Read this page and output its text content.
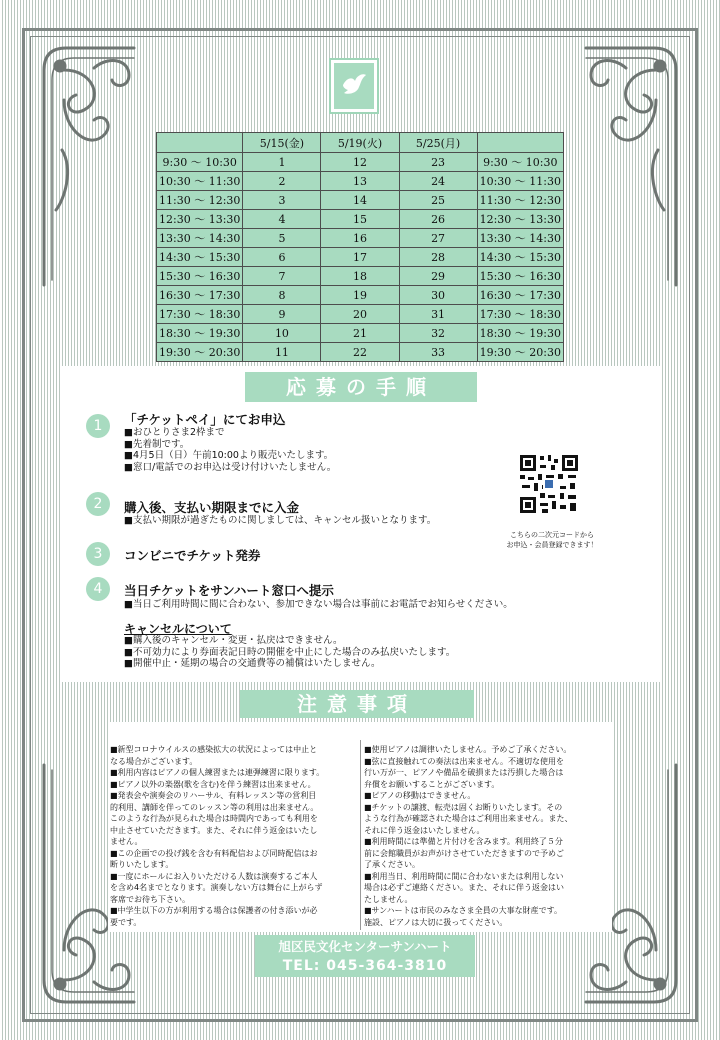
	5/15(金)	5/19(火)	5/25(月)	
9:30 〜 10:30	1	12	23	9:30 〜 10:30
10:30 〜 11:30	2	13	24	10:30 〜 11:30
11:30 〜 12:30	3	14	25	11:30 〜 12:30
12:30 〜 13:30	4	15	26	12:30 〜 13:30
13:30 〜 14:30	5	16	27	13:30 〜 14:30
14:30 〜 15:30	6	17	28	14:30 〜 15:30
15:30 〜 16:30	7	18	29	15:30 〜 16:30
16:30 〜 17:30	8	19	30	16:30 〜 17:30
17:30 〜 18:30	9	20	31	17:30 〜 18:30
18:30 〜 19:30	10	21	32	18:30 〜 19:30
19:30 〜 20:30	11	22	33	19:30 〜 20:30
応募の手順
1	「チケットペイ」にてお申込
■おひとりさま2枠まで
■先着制です。
■4月5日（日）午前10:00より販売いたします。
■窓口/電話でのお申込は受け付けいたしません。
2	購入後、支払い期限までに入金
■支払い期限が過ぎたものに関しましては、キャンセル扱いとなります。
3	コンビニでチケット発券
4	当日チケットをサンハート窓口へ提示
■当日ご利用時間に間に合わない、参加できない場合は事前にお電話でお知らせください。
キャンセルについて
■購入後のキャンセル・変更・払戻はできません。
■不可効力により券面表記日時の開催を中止にした場合のみ払戻いたします。
■開催中止・延期の場合の交通費等の補償はいたしません。
こちらの二次元コードから
お申込・会員登録できます！
注意事項
■新型コロナウイルスの感染拡大の状況によっては中止と
なる場合がございます。
■利用内容はピアノの個人練習または連弾練習に限ります。
■ピアノ以外の楽器(歌を含む)を伴う練習は出来ません。
■発表会や演奏会のリハーサル、有料レッスン等の営利目
的利用、講師を伴ってのレッスン等の利用は出来ません。
このような行為が見られた場合は時間内であっても利用を
中止させていただきます。また、それに伴う返金はいたし
ません。
■この企画での投げ銭を含む有料配信および同時配信はお
断りいたします。
■一度にホールにお入りいただける人数は演奏するご本人
を含め4名までとなります。演奏しない方は舞台に上がらず
客席でお待ち下さい。
■中学生以下の方が利用する場合は保護者の付き添いが必
要です。
■使用ピアノは調律いたしません。予めご了承ください。
■弦に直接触れての奏法は出来ません。不適切な使用を
行い万が一、ピアノや備品を破損または汚損した場合は
弁償をお願いすることがございます。
■ピアノの移動はできません。
■チケットの譲渡、転売は固くお断りいたします。その
ような行為が確認された場合はご利用出来ません。また、
それに伴う返金はいたしません。
■利用時間には準備と片付けを含みます。利用終了５分
前に会館職員がお声がけさせていただきますので予めご
了承ください。
■利用当日、利用時間に間に合わないまたは利用しない
場合は必ずご連絡ください。また、それに伴う返金はい
たしません。
■サンハートは市民のみなさま全員の大事な財産です。
施設、ピアノは大切に扱ってください。
旭区民文化センターサンハート
TEL: 045-364-3810
